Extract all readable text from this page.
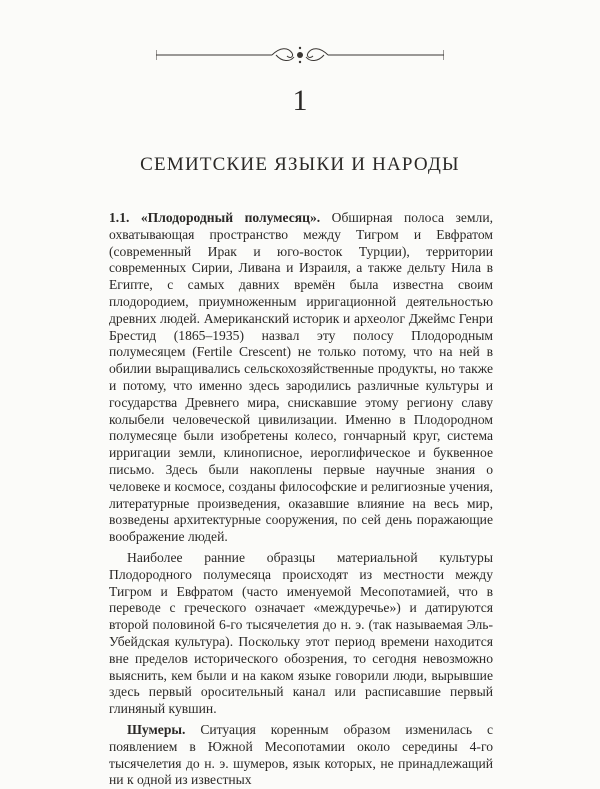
1
СЕМИТСКИЕ ЯЗЫКИ И НАРОДЫ

1.1. «Плодородный полумесяц». Обширная полоса земли, охватывающая пространство между Тигром и Евфратом (современный Ирак и юго-восток Турции), территории современных Сирии, Ливана и Израиля, а также дельту Нила в Египте, с самых давних времён была известна своим плодородием, приумноженным ирригационной деятельностью древних людей. Американский историк и археолог Джеймс Генри Брестид (1865–1935) назвал эту полосу Плодородным полумесяцем (Fertile Crescent) не только потому, что на ней в обилии выращивались сельскохозяйственные продукты, но также и потому, что именно здесь зародились различные культуры и государства Древнего мира, снискавшие этому региону славу колыбели человеческой цивилизации. Именно в Плодородном полумесяце были изобретены колесо, гончарный круг, система ирригации земли, клинописное, иероглифическое и буквенное письмо. Здесь были накоплены первые научные знания о человеке и космосе, созданы философские и религиозные учения, литературные произведения, оказавшие влияние на весь мир, возведены архитектурные сооружения, по сей день поражающие воображение людей.

Наиболее ранние образцы материальной культуры Плодородного полумесяца происходят из местности между Тигром и Евфратом (часто именуемой Месопотамией, что в переводе с греческого означает «междуречье») и датируются второй половиной 6-го тысячелетия до н. э. (так называемая Эль-Убейдская культура). Поскольку этот период времени находится вне пределов исторического обозрения, то сегодня невозможно выяснить, кем были и на каком языке говорили люди, вырывшие здесь первый оросительный канал или расписавшие первый глиняный кувшин.

Шумеры. Ситуация коренным образом изменилась с появлением в Южной Месопотамии около середины 4-го тысячелетия до н. э. шумеров, язык которых, не принадлежащий ни к одной из известных
